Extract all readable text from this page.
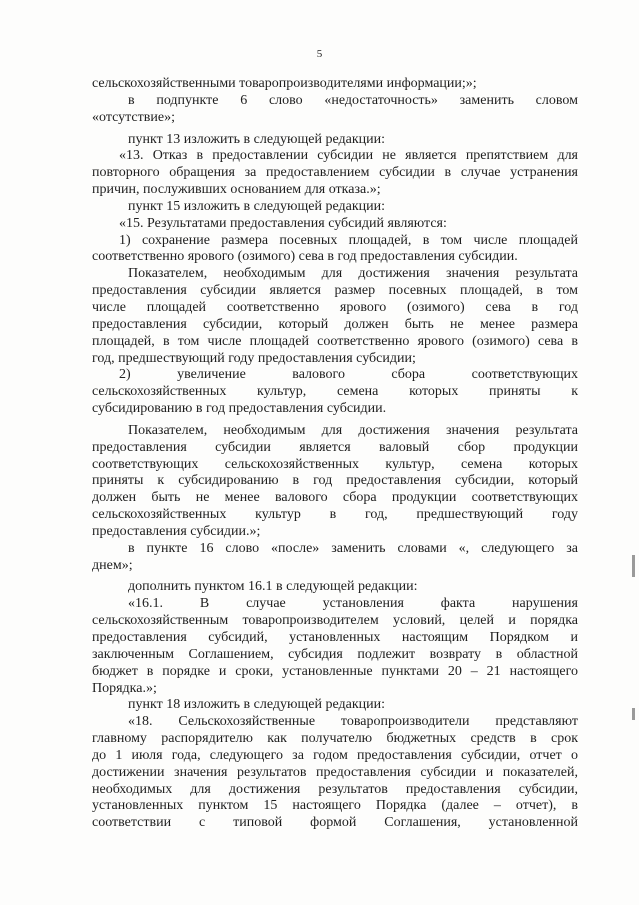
5
сельскохозяйственными товаропроизводителями информации;»;
в подпункте 6 слово «недостаточность» заменить словом
«отсутствие»;
пункт 13 изложить в следующей редакции:
«13. Отказ в предоставлении субсидии не является препятствием для
повторного обращения за предоставлением субсидии в случае устранения
причин, послуживших основанием для отказа.»;
пункт 15 изложить в следующей редакции:
«15. Результатами предоставления субсидий являются:
1) сохранение размера посевных площадей, в том числе площадей
соответственно ярового (озимого) сева в год предоставления субсидии.
Показателем, необходимым для достижения значения результата
предоставления субсидии является размер посевных площадей, в том
числе площадей соответственно ярового (озимого) сева в год
предоставления субсидии, который должен быть не менее размера
площадей, в том числе площадей соответственно ярового (озимого) сева в
год, предшествующий году предоставления субсидии;
2) увеличение валового сбора соответствующих
сельскохозяйственных культур, семена которых приняты к
субсидированию в год предоставления субсидии.
Показателем, необходимым для достижения значения результата
предоставления субсидии является валовый сбор продукции
соответствующих сельскохозяйственных культур, семена которых
приняты к субсидированию в год предоставления субсидии, который
должен быть не менее валового сбора продукции соответствующих
сельскохозяйственных культур в год, предшествующий году
предоставления субсидии.»;
в пункте 16 слово «после» заменить словами «, следующего за
днем»;
дополнить пунктом 16.1 в следующей редакции:
«16.1. В случае установления факта нарушения
сельскохозяйственным товаропроизводителем условий, целей и порядка
предоставления субсидий, установленных настоящим Порядком и
заключенным Соглашением, субсидия подлежит возврату в областной
бюджет в порядке и сроки, установленные пунктами 20 – 21 настоящего
Порядка.»;
пункт 18 изложить в следующей редакции:
«18. Сельскохозяйственные товаропроизводители представляют
главному распорядителю как получателю бюджетных средств в срок
до 1 июля года, следующего за годом предоставления субсидии, отчет о
достижении значения результатов предоставления субсидии и показателей,
необходимых для достижения результатов предоставления субсидии,
установленных пунктом 15 настоящего Порядка (далее – отчет), в
соответствии с типовой формой Соглашения, установленной
